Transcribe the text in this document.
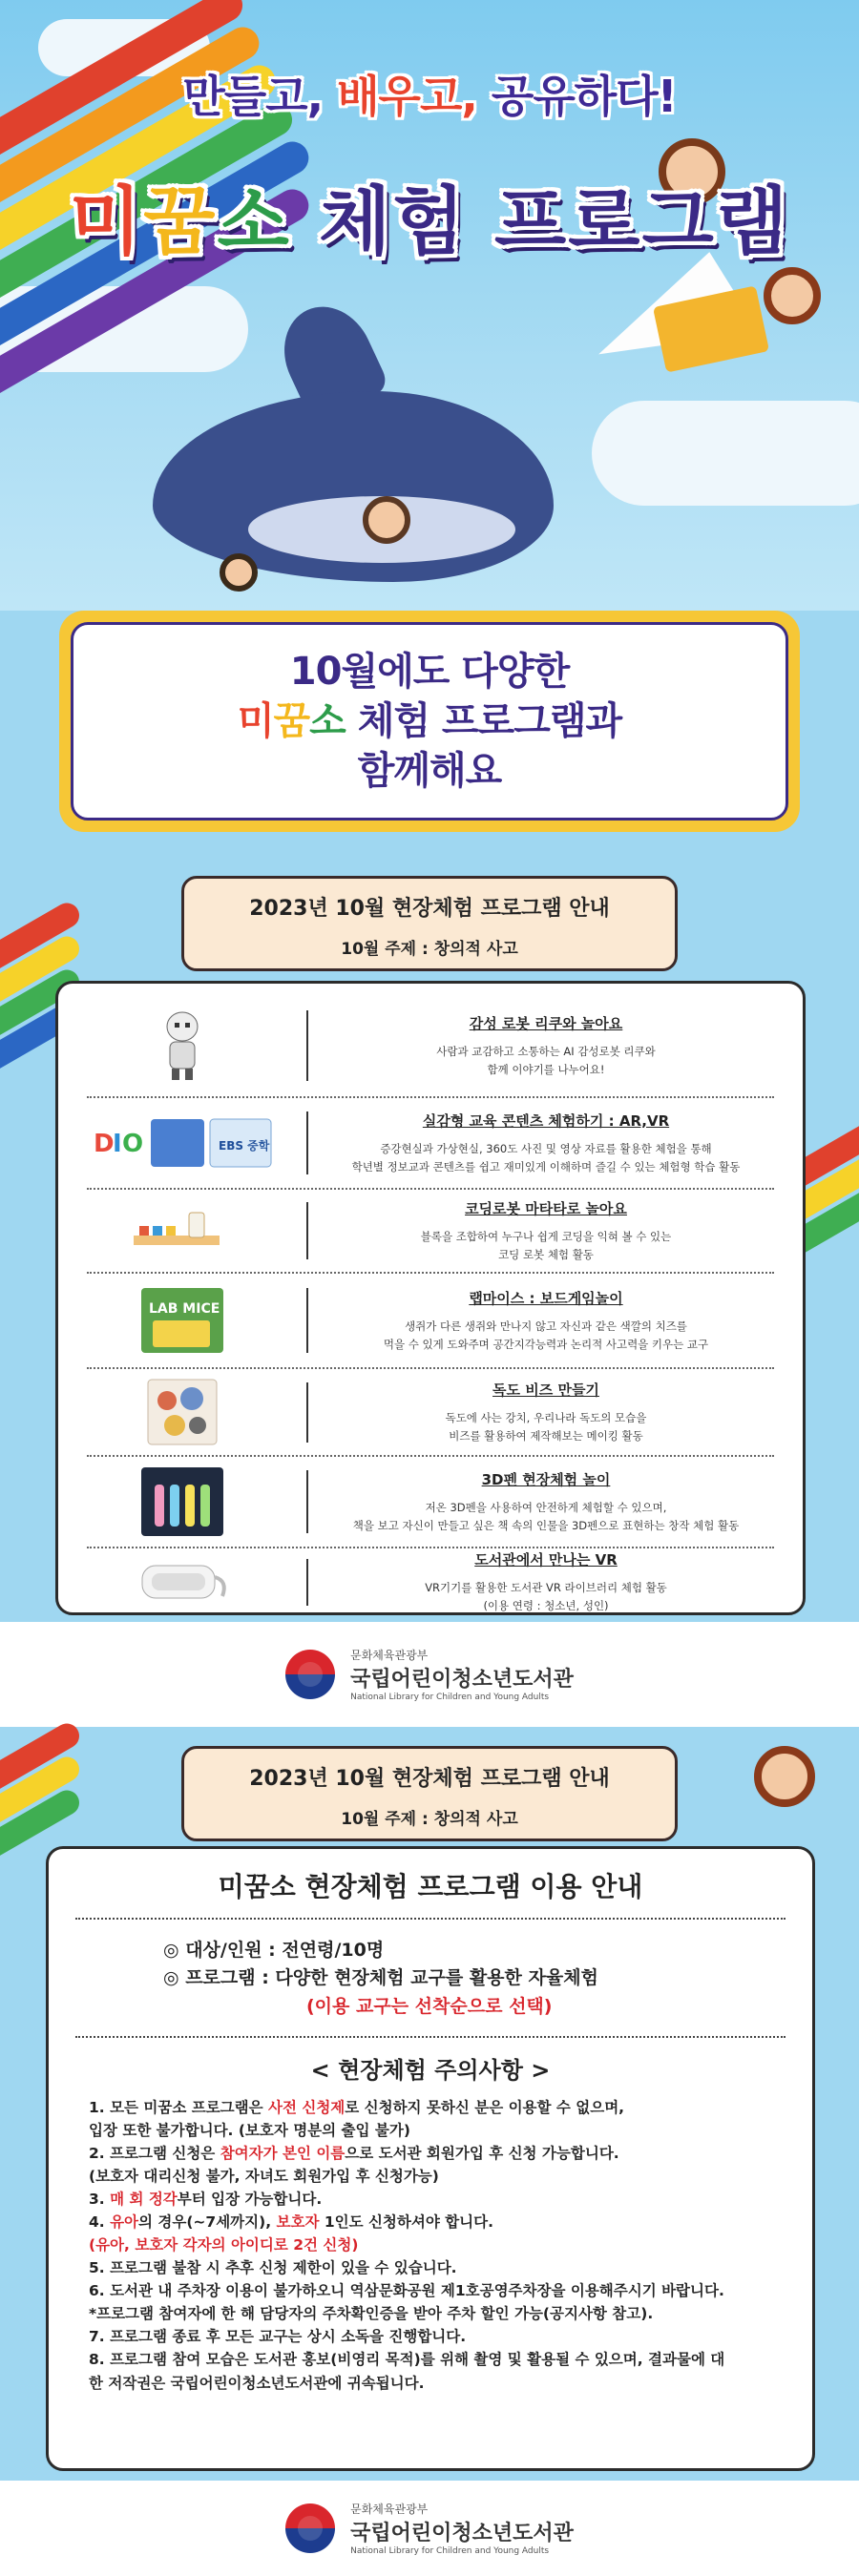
만들고, 배우고, 공유하다!
미꿈소 체험 프로그램
10월에도 다양한
미꿈소 체험 프로그램과
함께해요
2023년 10월 현장체험 프로그램 안내
10월 주제 : 창의적 사고
감성 로봇 리쿠와 놀아요
사람과 교감하고 소통하는 AI 감성로봇 리쿠와
함께 이야기를 나누어요!
D
I O	EBS 중학
실감형 교육 콘텐츠 체험하기 : AR,VR
증강현실과 가상현실, 360도 사진 및 영상 자료를 활용한 체험을 통해
학년별 정보교과 콘텐츠를 쉽고 재미있게 이해하며 즐길 수 있는 체험형 학습 활동
코딩로봇 마타타로 놀아요
블록을 조합하여 누구나 쉽게 코딩을 익혀 볼 수 있는
코딩 로봇 체험 활동
LAB MICE
랩마이스 : 보드게임놀이
생쥐가 다른 생쥐와 만나지 않고 자신과 같은 색깔의 치즈를
먹을 수 있게 도와주며 공간지각능력과 논리적 사고력을 키우는 교구
독도 비즈 만들기
독도에 사는 강치, 우리나라 독도의 모습을
비즈를 활용하여 제작해보는 메이킹 활동
3D펜 현장체험 놀이
저온 3D펜을 사용하여 안전하게 체험할 수 있으며,
책을 보고 자신이 만들고 싶은 책 속의 인물을 3D펜으로 표현하는 창작 체험 활동
도서관에서 만나는 VR
VR기기를 활용한 도서관 VR 라이브러리 체험 활동
(이용 연령 : 청소년, 성인)
문화체육관광부
국립어린이청소년도서관
National Library for Children and Young Adults
2023년 10월 현장체험 프로그램 안내
10월 주제 : 창의적 사고
미꿈소 현장체험 프로그램 이용 안내
◎ 대상/인원 : 전연령/10명
◎ 프로그램 : 다양한 현장체험 교구를 활용한 자율체험
(이용 교구는 선착순으로 선택)
< 현장체험 주의사항 >
1. 모든 미꿈소 프로그램은 사전 신청제로 신청하지 못하신 분은 이용할 수 없으며,
입장 또한 불가합니다. (보호자 명분의 출입 불가)
2. 프로그램 신청은 참여자가 본인 이름으로 도서관 회원가입 후 신청 가능합니다.
(보호자 대리신청 불가, 자녀도 회원가입 후 신청가능)
3. 매 회 정각부터 입장 가능합니다.
4. 유아의 경우(~7세까지), 보호자 1인도 신청하셔야 합니다.
(유아, 보호자 각자의 아이디로 2건 신청)
5. 프로그램 불참 시 추후 신청 제한이 있을 수 있습니다.
6. 도서관 내 주차장 이용이 불가하오니 역삼문화공원 제1호공영주차장을 이용해주시기 바랍니다.
*프로그램 참여자에 한 해 담당자의 주차확인증을 받아 주차 할인 가능(공지사항 참고).
7. 프로그램 종료 후 모든 교구는 상시 소독을 진행합니다.
8. 프로그램 참여 모습은 도서관 홍보(비영리 목적)를 위해 촬영 및 활용될 수 있으며, 결과물에 대
한 저작권은 국립어린이청소년도서관에 귀속됩니다.
문화체육관광부
국립어린이청소년도서관
National Library for Children and Young Adults
